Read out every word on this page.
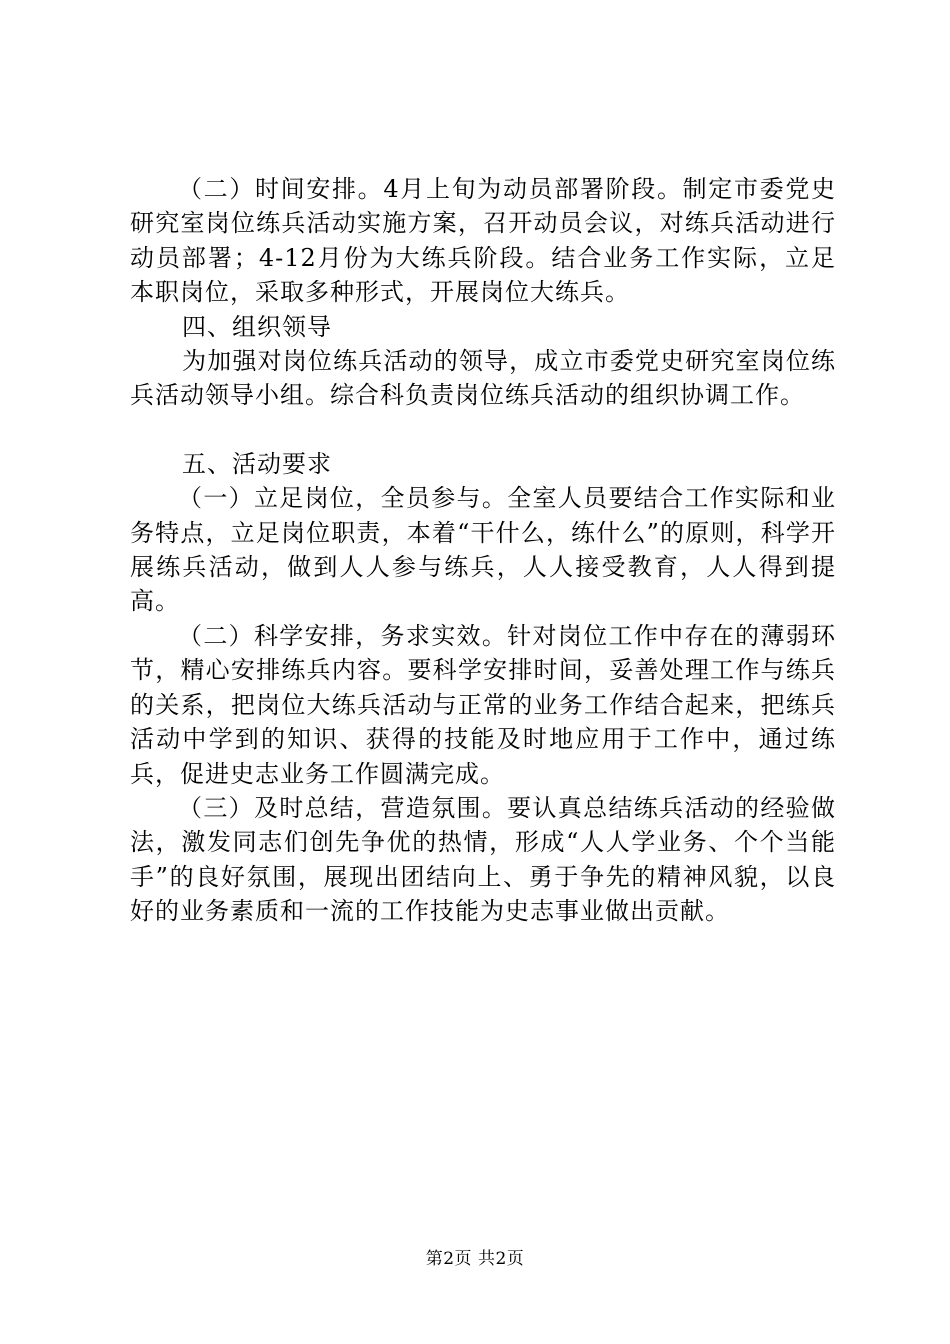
（二）时间安排。4月上旬为动员部署阶段。制定市委党史研究室岗位练兵活动实施方案，召开动员会议，对练兵活动进行动员部署；4-12月份为大练兵阶段。结合业务工作实际，立足本职岗位，采取多种形式，开展岗位大练兵。

四、组织领导

为加强对岗位练兵活动的领导，成立市委党史研究室岗位练兵活动领导小组。综合科负责岗位练兵活动的组织协调工作。

五、活动要求

（一）立足岗位，全员参与。全室人员要结合工作实际和业务特点，立足岗位职责，本着“干什么，练什么”的原则，科学开展练兵活动，做到人人参与练兵，人人接受教育，人人得到提高。

（二）科学安排，务求实效。针对岗位工作中存在的薄弱环节，精心安排练兵内容。要科学安排时间，妥善处理工作与练兵的关系，把岗位大练兵活动与正常的业务工作结合起来，把练兵活动中学到的知识、获得的技能及时地应用于工作中，通过练兵，促进史志业务工作圆满完成。

（三）及时总结，营造氛围。要认真总结练兵活动的经验做法，激发同志们创先争优的热情，形成“人人学业务、个个当能手”的良好氛围，展现出团结向上、勇于争先的精神风貌，以良好的业务素质和一流的工作技能为史志事业做出贡献。

第2页 共2页
